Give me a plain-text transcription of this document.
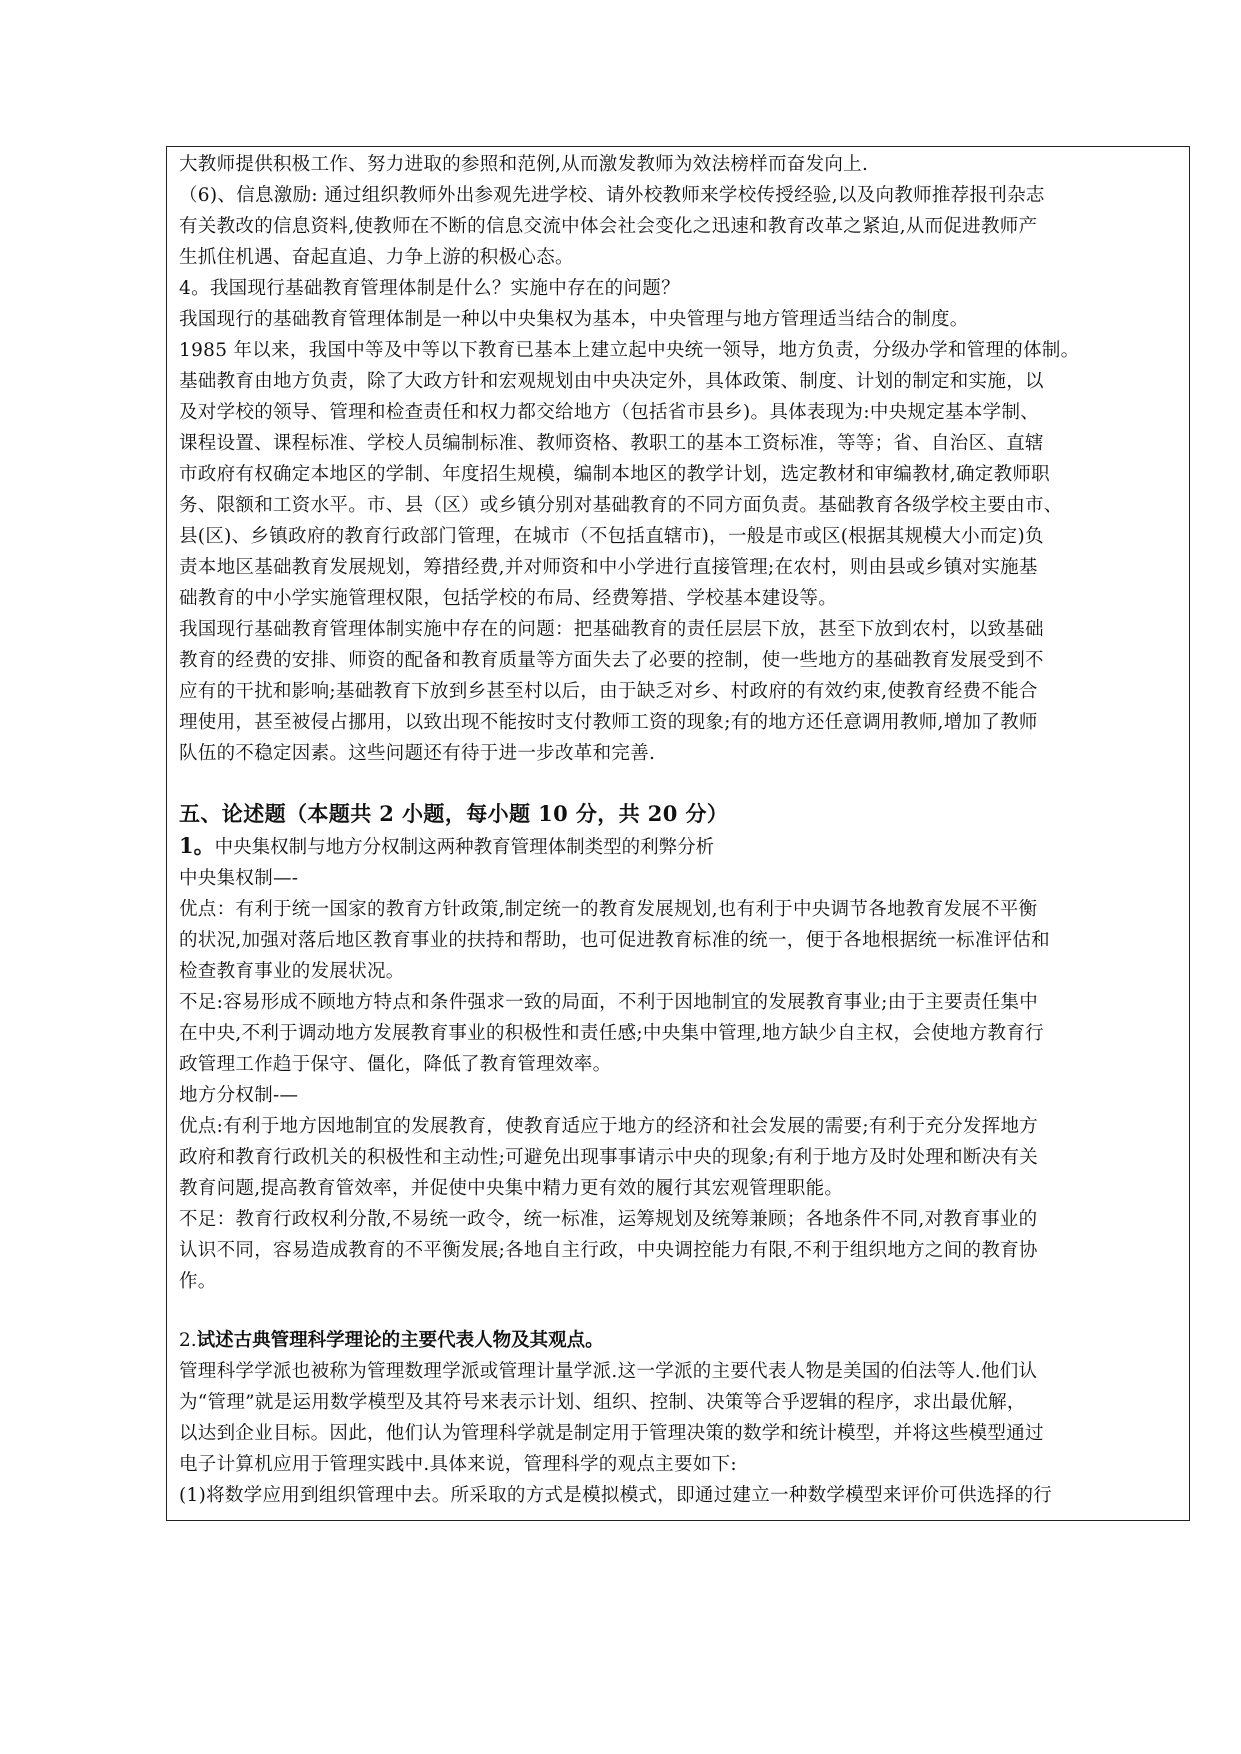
大教师提供积极工作、努力进取的参照和范例,从而激发教师为效法榜样而奋发向上.

（6)、信息激励: 通过组织教师外出参观先进学校、请外校教师来学校传授经验,以及向教师推荐报刊杂志

有关教改的信息资料,使教师在不断的信息交流中体会社会变化之迅速和教育改革之紧迫,从而促进教师产

生抓住机遇、奋起直追、力争上游的积极心态。

4。我国现行基础教育管理体制是什么？实施中存在的问题？

我国现行的基础教育管理体制是一种以中央集权为基本，中央管理与地方管理适当结合的制度。

1985 年以来，我国中等及中等以下教育已基本上建立起中央统一领导，地方负责，分级办学和管理的体制。

基础教育由地方负责，除了大政方针和宏观规划由中央决定外，具体政策、制度、计划的制定和实施，以

及对学校的领导、管理和检查责任和权力都交给地方（包括省市县乡)。具体表现为:中央规定基本学制、

课程设置、课程标准、学校人员编制标准、教师资格、教职工的基本工资标准，等等；省、自治区、直辖

市政府有权确定本地区的学制、年度招生规模，编制本地区的教学计划，选定教材和审编教材,确定教师职

务、限额和工资水平。市、县（区）或乡镇分别对基础教育的不同方面负责。基础教育各级学校主要由市、

县(区)、乡镇政府的教育行政部门管理，在城市（不包括直辖市)，一般是市或区(根据其规模大小而定)负

责本地区基础教育发展规划，筹措经费,并对师资和中小学进行直接管理;在农村，则由县或乡镇对实施基

础教育的中小学实施管理权限，包括学校的布局、经费筹措、学校基本建设等。

我国现行基础教育管理体制实施中存在的问题：把基础教育的责任层层下放，甚至下放到农村，以致基础

教育的经费的安排、师资的配备和教育质量等方面失去了必要的控制，使一些地方的基础教育发展受到不

应有的干扰和影响;基础教育下放到乡甚至村以后，由于缺乏对乡、村政府的有效约束,使教育经费不能合

理使用，甚至被侵占挪用，以致出现不能按时支付教师工资的现象;有的地方还任意调用教师,增加了教师

队伍的不稳定因素。这些问题还有待于进一步改革和完善.

五、论述题（本题共 2 小题，每小题 10 分，共 20 分）

1。中央集权制与地方分权制这两种教育管理体制类型的利弊分析

中央集权制—-

优点：有利于统一国家的教育方针政策,制定统一的教育发展规划,也有利于中央调节各地教育发展不平衡

的状况,加强对落后地区教育事业的扶持和帮助，也可促进教育标准的统一，便于各地根据统一标准评估和

检查教育事业的发展状况。

不足:容易形成不顾地方特点和条件强求一致的局面，不利于因地制宜的发展教育事业;由于主要责任集中

在中央,不利于调动地方发展教育事业的积极性和责任感;中央集中管理,地方缺少自主权，会使地方教育行

政管理工作趋于保守、僵化，降低了教育管理效率。

地方分权制-—

优点:有利于地方因地制宜的发展教育，使教育适应于地方的经济和社会发展的需要;有利于充分发挥地方

政府和教育行政机关的积极性和主动性;可避免出现事事请示中央的现象;有利于地方及时处理和断决有关

教育问题,提高教育管效率，并促使中央集中精力更有效的履行其宏观管理职能。

不足：教育行政权利分散,不易统一政令，统一标准，运筹规划及统筹兼顾；各地条件不同,对教育事业的

认识不同，容易造成教育的不平衡发展;各地自主行政，中央调控能力有限,不利于组织地方之间的教育协

作。

2.试述古典管理科学理论的主要代表人物及其观点。

管理科学学派也被称为管理数理学派或管理计量学派.这一学派的主要代表人物是美国的伯法等人.他们认

为“管理”就是运用数学模型及其符号来表示计划、组织、控制、决策等合乎逻辑的程序，求出最优解，

以达到企业目标。因此，他们认为管理科学就是制定用于管理决策的数学和统计模型，并将这些模型通过

电子计算机应用于管理实践中.具体来说，管理科学的观点主要如下:

(1)将数学应用到组织管理中去。所采取的方式是模拟模式，即通过建立一种数学模型来评价可供选择的行
